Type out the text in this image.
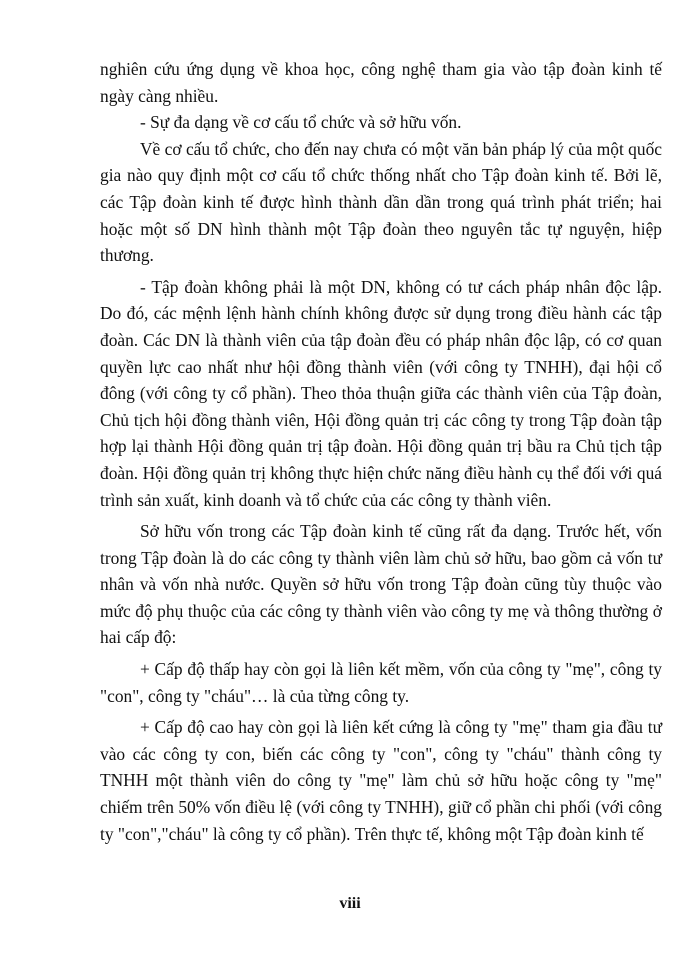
nghiên cứu ứng dụng về khoa học, công nghệ tham gia vào tập đoàn kinh tế ngày càng nhiều.

- Sự đa dạng về cơ cấu tổ chức và sở hữu vốn.

Về cơ cấu tổ chức, cho đến nay chưa có một văn bản pháp lý của một quốc gia nào quy định một cơ cấu tổ chức thống nhất cho Tập đoàn kinh tế. Bởi lẽ, các Tập đoàn kinh tế được hình thành dần dần trong quá trình phát triển; hai hoặc một số DN hình thành một Tập đoàn theo nguyên tắc tự nguyện, hiệp thương.

- Tập đoàn không phải là một DN, không có tư cách pháp nhân độc lập. Do đó, các mệnh lệnh hành chính không được sử dụng trong điều hành các tập đoàn. Các DN là thành viên của tập đoàn đều có pháp nhân độc lập, có cơ quan quyền lực cao nhất như hội đồng thành viên (với công ty TNHH), đại hội cổ đông (với công ty cổ phần). Theo thỏa thuận giữa các thành viên của Tập đoàn, Chủ tịch hội đồng thành viên, Hội đồng quản trị các công ty trong Tập đoàn tập hợp lại thành Hội đồng quản trị tập đoàn. Hội đồng quản trị bầu ra Chủ tịch tập đoàn. Hội đồng quản trị không thực hiện chức năng điều hành cụ thể đối với quá trình sản xuất, kinh doanh và tổ chức của các công ty thành viên.

Sở hữu vốn trong các Tập đoàn kinh tế cũng rất đa dạng. Trước hết, vốn trong Tập đoàn là do các công ty thành viên làm chủ sở hữu, bao gồm cả vốn tư nhân và vốn nhà nước. Quyền sở hữu vốn trong Tập đoàn cũng tùy thuộc vào mức độ phụ thuộc của các công ty thành viên vào công ty mẹ và thông thường ở hai cấp độ:

+ Cấp độ thấp hay còn gọi là liên kết mềm, vốn của công ty "mẹ", công ty "con", công ty "cháu"… là của từng công ty.

+ Cấp độ cao hay còn gọi là liên kết cứng là công ty "mẹ" tham gia đầu tư vào các công ty con, biến các công ty "con", công ty "cháu" thành công ty TNHH một thành viên do công ty "mẹ" làm chủ sở hữu hoặc công ty "mẹ" chiếm trên 50% vốn điều lệ (với công ty TNHH), giữ cổ phần chi phối (với công ty "con","cháu" là công ty cổ phần). Trên thực tế, không một Tập đoàn kinh tế

viii
